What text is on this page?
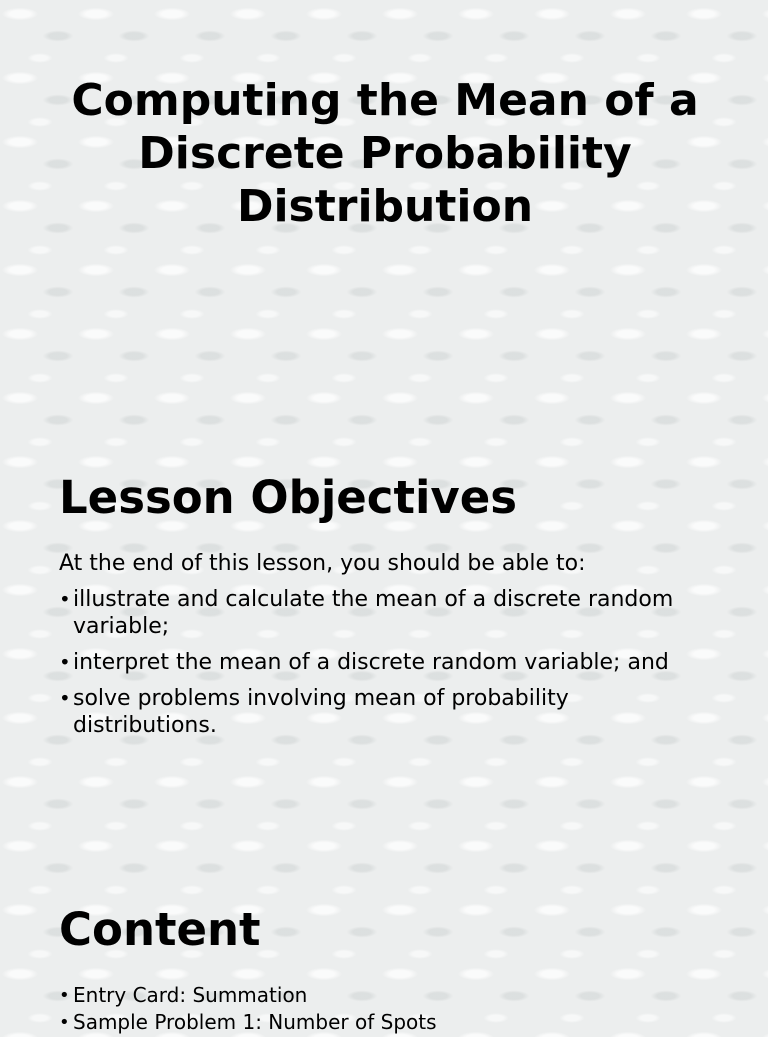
Computing the Mean of a Discrete Probability Distribution
Lesson Objectives

At the end of this lesson, you should be able to:

• illustrate and calculate the mean of a discrete random variable;
• interpret the mean of a discrete random variable; and
• solve problems involving mean of probability distributions.
Content
• Entry Card: Summation
• Sample Problem 1: Number of Spots
